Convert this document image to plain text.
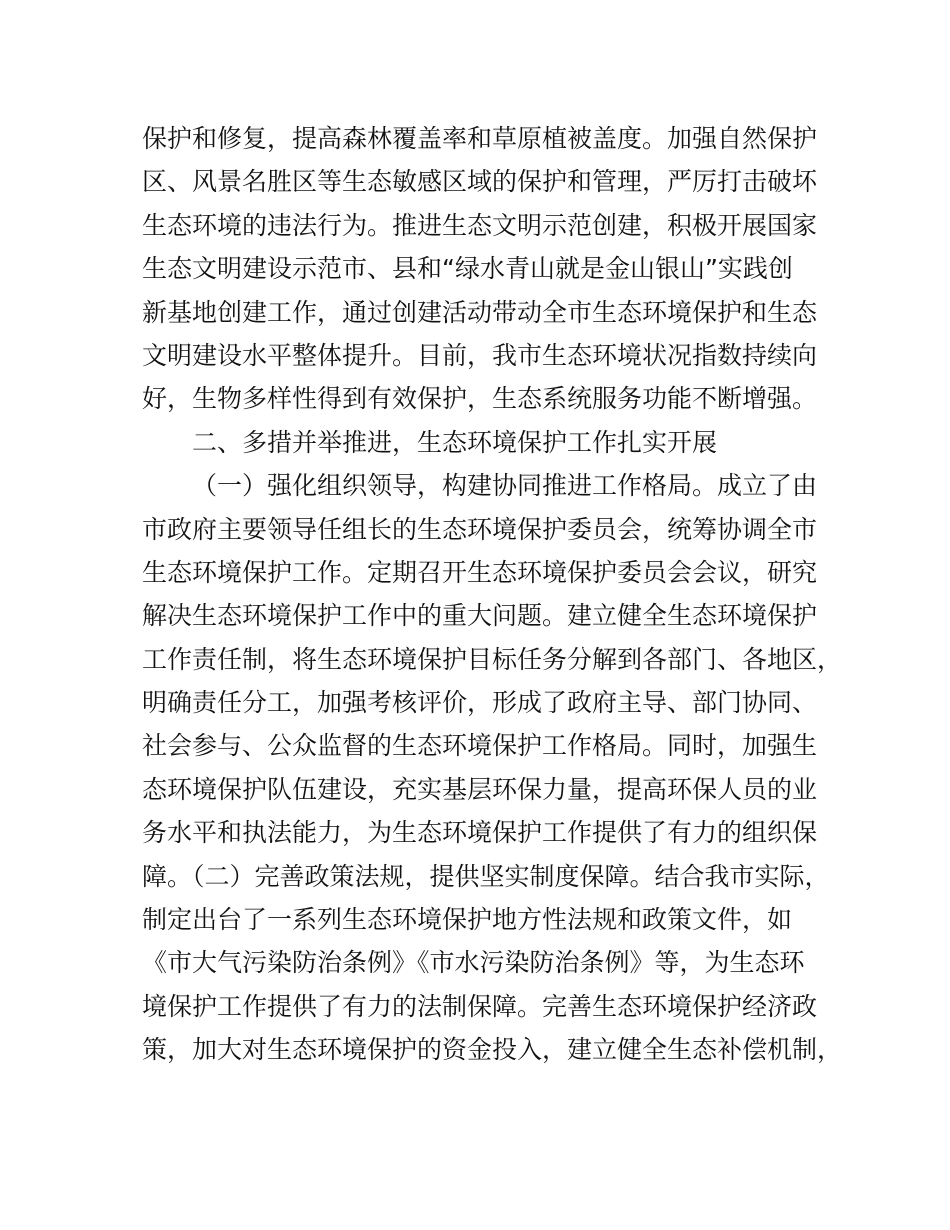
保护和修复，提高森林覆盖率和草原植被盖度。加强自然保护
区、风景名胜区等生态敏感区域的保护和管理，严厉打击破坏
生态环境的违法行为。推进生态文明示范创建，积极开展国家
生态文明建设示范市、县和“绿水青山就是金山银山”实践创
新基地创建工作，通过创建活动带动全市生态环境保护和生态
文明建设水平整体提升。目前，我市生态环境状况指数持续向
好，生物多样性得到有效保护，生态系统服务功能不断增强。
二、多措并举推进，生态环境保护工作扎实开展
（一）强化组织领导，构建协同推进工作格局。成立了由
市政府主要领导任组长的生态环境保护委员会，统筹协调全市
生态环境保护工作。定期召开生态环境保护委员会会议，研究
解决生态环境保护工作中的重大问题。建立健全生态环境保护
工作责任制，将生态环境保护目标任务分解到各部门、各地区，
明确责任分工，加强考核评价，形成了政府主导、部门协同、
社会参与、公众监督的生态环境保护工作格局。同时，加强生
态环境保护队伍建设，充实基层环保力量，提高环保人员的业
务水平和执法能力，为生态环境保护工作提供了有力的组织保
障。（二）完善政策法规，提供坚实制度保障。结合我市实际，
制定出台了一系列生态环境保护地方性法规和政策文件，如
《市大气污染防治条例》《市水污染防治条例》等，为生态环
境保护工作提供了有力的法制保障。完善生态环境保护经济政
策，加大对生态环境保护的资金投入，建立健全生态补偿机制，
